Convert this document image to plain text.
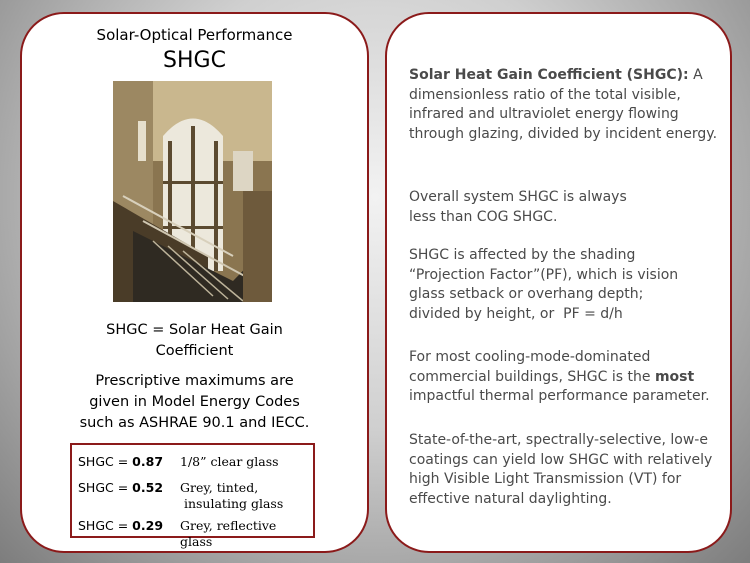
Solar-Optical Performance
SHGC
SHGC = Solar Heat Gain
Coefficient
Prescriptive maximums are
given in Model Energy Codes
such as ASHRAE 90.1 and IECC.
SHGC = 0.87 1/8” clear glass
SHGC = 0.52 Grey, tinted,
insulating glass
SHGC = 0.29 Grey, reflective glass
Solar Heat Gain Coefficient (SHGC): A dimensionless ratio of the total visible, infrared and ultraviolet energy flowing through glazing, divided by incident energy.
Overall system SHGC is always
less than COG SHGC.
SHGC is affected by the shading
“Projection Factor”(PF), which is vision
glass setback or overhang depth;
divided by height, or  PF = d/h
For most cooling-mode-dominated commercial buildings, SHGC is the most impactful thermal performance parameter.
State-of-the-art, spectrally-selective, low-e coatings can yield low SHGC with relatively high Visible Light Transmission (VT) for effective natural daylighting.
